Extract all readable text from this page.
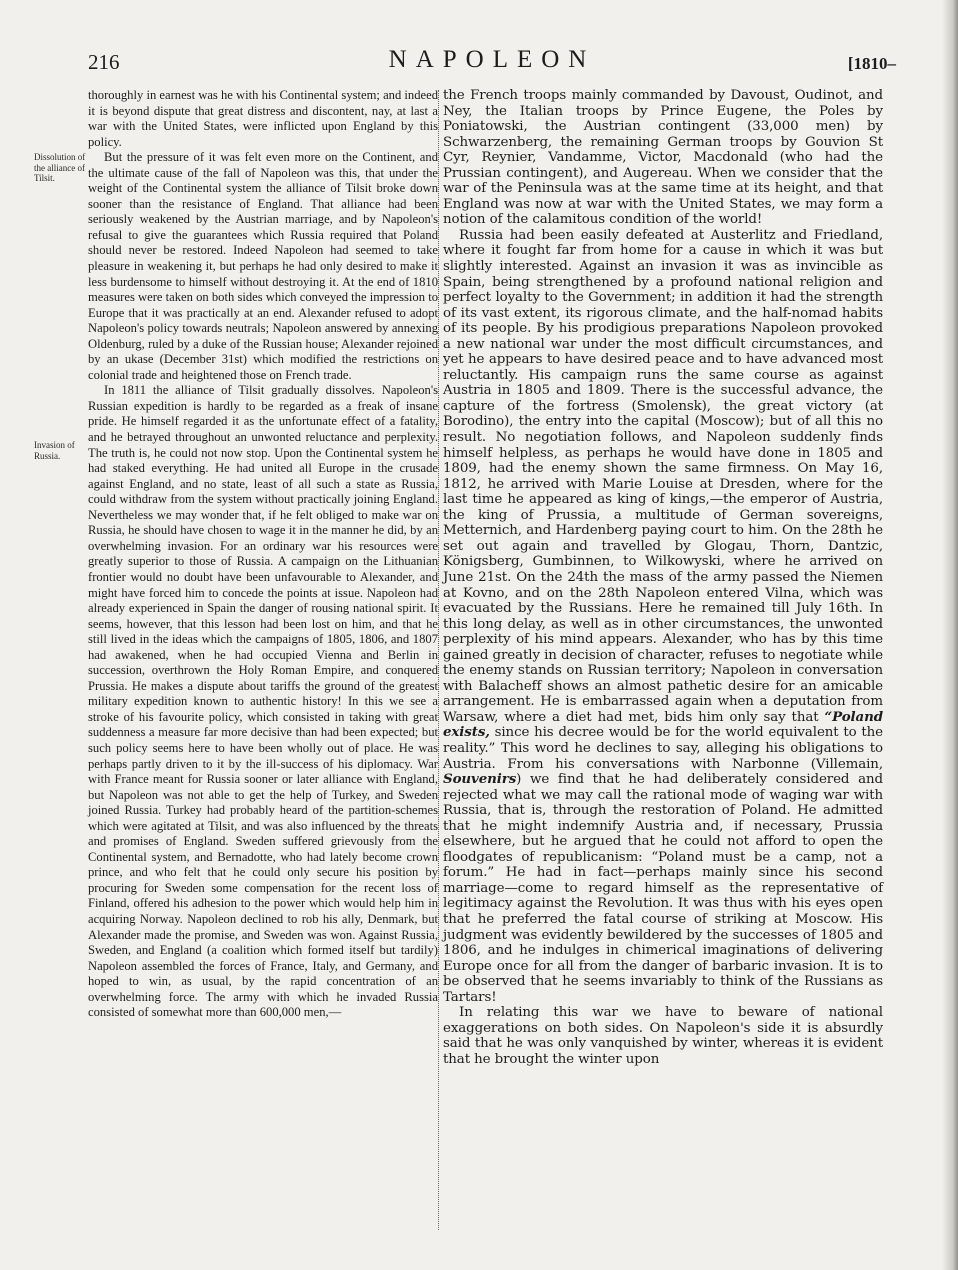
216	NAPOLEON	[1810–
Dissolution of the alliance of Tilsit.
Invasion of Russia.

thoroughly in earnest was he with his Continental system; and indeed it is beyond dispute that great distress and discontent, nay, at last a war with the United States, were inflicted upon England by this policy.

But the pressure of it was felt even more on the Continent, and the ultimate cause of the fall of Napoleon was this, that under the weight of the Continental system the alliance of Tilsit broke down sooner than the resistance of England. That alliance had been seriously weakened by the Austrian marriage, and by Napoleon's refusal to give the guarantees which Russia required that Poland should never be restored. Indeed Napoleon had seemed to take pleasure in weakening it, but perhaps he had only desired to make it less burdensome to himself without destroying it. At the end of 1810 measures were taken on both sides which conveyed the impression to Europe that it was practically at an end. Alexander refused to adopt Napoleon's policy towards neutrals; Napoleon answered by annexing Oldenburg, ruled by a duke of the Russian house; Alexander rejoined by an ukase (December 31st) which modified the restrictions on colonial trade and heightened those on French trade.

In 1811 the alliance of Tilsit gradually dissolves. Napoleon's Russian expedition is hardly to be regarded as a freak of insane pride. He himself regarded it as the unfortunate effect of a fatality, and he betrayed throughout an unwonted reluctance and perplexity. The truth is, he could not now stop. Upon the Continental system he had staked everything. He had united all Europe in the crusade against England, and no state, least of all such a state as Russia, could withdraw from the system without practically joining England. Nevertheless we may wonder that, if he felt obliged to make war on Russia, he should have chosen to wage it in the manner he did, by an overwhelming invasion. For an ordinary war his resources were greatly superior to those of Russia. A campaign on the Lithuanian frontier would no doubt have been unfavourable to Alexander, and might have forced him to concede the points at issue. Napoleon had already experienced in Spain the danger of rousing national spirit. It seems, however, that this lesson had been lost on him, and that he still lived in the ideas which the campaigns of 1805, 1806, and 1807 had awakened, when he had occupied Vienna and Berlin in succession, overthrown the Holy Roman Empire, and conquered Prussia. He makes a dispute about tariffs the ground of the greatest military expedition known to authentic history! In this we see a stroke of his favourite policy, which consisted in taking with great suddenness a measure far more decisive than had been expected; but such policy seems here to have been wholly out of place. He was perhaps partly driven to it by the ill-success of his diplomacy. War with France meant for Russia sooner or later alliance with England, but Napoleon was not able to get the help of Turkey, and Sweden joined Russia. Turkey had probably heard of the partition-schemes which were agitated at Tilsit, and was also influenced by the threats and promises of England. Sweden suffered grievously from the Continental system, and Bernadotte, who had lately become crown prince, and who felt that he could only secure his position by procuring for Sweden some compensation for the recent loss of Finland, offered his adhesion to the power which would help him in acquiring Norway. Napoleon declined to rob his ally, Denmark, but Alexander made the promise, and Sweden was won. Against Russia, Sweden, and England (a coalition which formed itself but tardily) Napoleon assembled the forces of France, Italy, and Germany, and hoped to win, as usual, by the rapid concentration of an overwhelming force. The army with which he invaded Russia consisted of somewhat more than 600,000 men,—

the French troops mainly commanded by Davoust, Oudinot, and Ney, the Italian troops by Prince Eugene, the Poles by Poniatowski, the Austrian contingent (33,000 men) by Schwarzenberg, the remaining German troops by Gouvion St Cyr, Reynier, Vandamme, Victor, Macdonald (who had the Prussian contingent), and Augereau. When we consider that the war of the Peninsula was at the same time at its height, and that England was now at war with the United States, we may form a notion of the calamitous condition of the world!

Russia had been easily defeated at Austerlitz and Friedland, where it fought far from home for a cause in which it was but slightly interested. Against an invasion it was as invincible as Spain, being strengthened by a profound national religion and perfect loyalty to the Government; in addition it had the strength of its vast extent, its rigorous climate, and the half-nomad habits of its people. By his prodigious preparations Napoleon provoked a new national war under the most difficult circumstances, and yet he appears to have desired peace and to have advanced most reluctantly. His campaign runs the same course as against Austria in 1805 and 1809. There is the successful advance, the capture of the fortress (Smolensk), the great victory (at Borodino), the entry into the capital (Moscow); but of all this no result. No negotiation follows, and Napoleon suddenly finds himself helpless, as perhaps he would have done in 1805 and 1809, had the enemy shown the same firmness. On May 16, 1812, he arrived with Marie Louise at Dresden, where for the last time he appeared as king of kings,—the emperor of Austria, the king of Prussia, a multitude of German sovereigns, Metternich, and Hardenberg paying court to him. On the 28th he set out again and travelled by Glogau, Thorn, Dantzic, Königsberg, Gumbinnen, to Wilkowyski, where he arrived on June 21st. On the 24th the mass of the army passed the Niemen at Kovno, and on the 28th Napoleon entered Vilna, which was evacuated by the Russians. Here he remained till July 16th. In this long delay, as well as in other circumstances, the unwonted perplexity of his mind appears. Alexander, who has by this time gained greatly in decision of character, refuses to negotiate while the enemy stands on Russian territory; Napoleon in conversation with Balacheff shows an almost pathetic desire for an amicable arrangement. He is embarrassed again when a deputation from Warsaw, where a diet had met, bids him only say that “Poland exists, since his decree would be for the world equivalent to the reality.” This word he declines to say, alleging his obligations to Austria. From his conversations with Narbonne (Villemain, Souvenirs) we find that he had deliberately considered and rejected what we may call the rational mode of waging war with Russia, that is, through the restoration of Poland. He admitted that he might indemnify Austria and, if necessary, Prussia elsewhere, but he argued that he could not afford to open the floodgates of republicanism: “Poland must be a camp, not a forum.” He had in fact—perhaps mainly since his second marriage—come to regard himself as the representative of legitimacy against the Revolution. It was thus with his eyes open that he preferred the fatal course of striking at Moscow. His judgment was evidently bewildered by the successes of 1805 and 1806, and he indulges in chimerical imaginations of delivering Europe once for all from the danger of barbaric invasion. It is to be observed that he seems invariably to think of the Russians as Tartars!

In relating this war we have to beware of national exaggerations on both sides. On Napoleon's side it is absurdly said that he was only vanquished by winter, whereas it is evident that he brought the winter upon
